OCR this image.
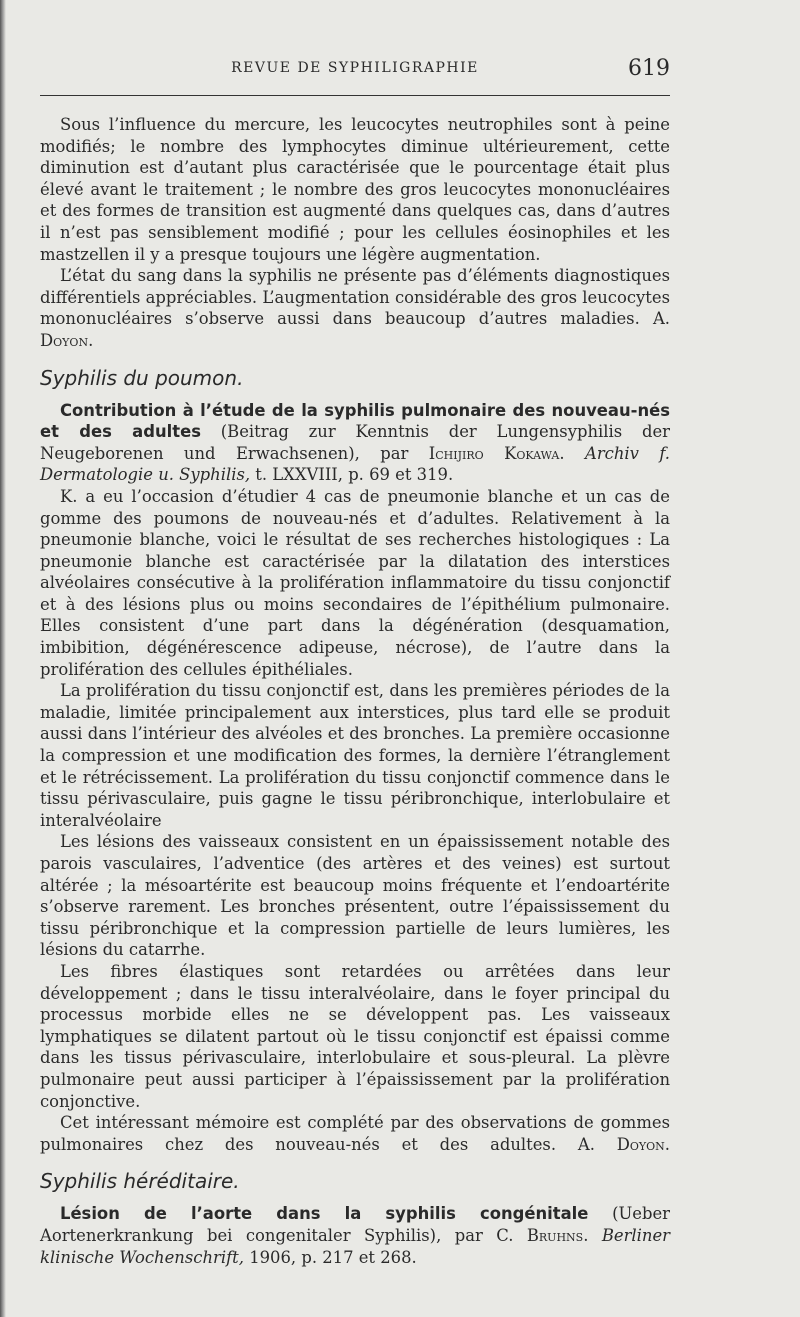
REVUE DE SYPHILIGRAPHIE	619

Sous l’influence du mercure, les leucocytes neutrophiles sont à peine modifiés; le nombre des lymphocytes diminue ultérieurement, cette diminution est d’autant plus caractérisée que le pourcentage était plus élevé avant le traitement ; le nombre des gros leucocytes mononucléaires et des formes de transition est augmenté dans quelques cas, dans d’autres il n’est pas sensiblement modifié ; pour les cellules éosinophiles et les mastzellen il y a presque toujours une légère augmentation.

L’état du sang dans la syphilis ne présente pas d’éléments diagnostiques différentiels appréciables. L’augmentation considérable des gros leucocytes mononucléaires s’observe aussi dans beaucoup d’autres maladies. A. Doyon.

Syphilis du poumon.

Contribution à l’étude de la syphilis pulmonaire des nouveau-nés et des adultes (Beitrag zur Kenntnis der Lungensyphilis der Neugeborenen und Erwachsenen), par Ichijiro Kokawa. Archiv f. Dermatologie u. Syphilis, t. LXXVIII, p. 69 et 319.

K. a eu l’occasion d’étudier 4 cas de pneumonie blanche et un cas de gomme des poumons de nouveau-nés et d’adultes. Relativement à la pneumonie blanche, voici le résultat de ses recherches histologiques : La pneumonie blanche est caractérisée par la dilatation des interstices alvéolaires consécutive à la prolifération inflammatoire du tissu conjonctif et à des lésions plus ou moins secondaires de l’épithélium pulmonaire. Elles consistent d’une part dans la dégénération (desquamation, imbibition, dégénérescence adipeuse, nécrose), de l’autre dans la prolifération des cellules épithéliales.

La prolifération du tissu conjonctif est, dans les premières périodes de la maladie, limitée principalement aux interstices, plus tard elle se produit aussi dans l’intérieur des alvéoles et des bronches. La première occasionne la compression et une modification des formes, la dernière l’étranglement et le rétrécissement. La prolifération du tissu conjonctif commence dans le tissu périvasculaire, puis gagne le tissu péribronchique, interlobulaire et interalvéolaire

Les lésions des vaisseaux consistent en un épaississement notable des parois vasculaires, l’adventice (des artères et des veines) est surtout altérée ; la mésoartérite est beaucoup moins fréquente et l’endoartérite s’observe rarement. Les bronches présentent, outre l’épaississement du tissu péribronchique et la compression partielle de leurs lumières, les lésions du catarrhe.

Les fibres élastiques sont retardées ou arrêtées dans leur développement ; dans le tissu interalvéolaire, dans le foyer principal du processus morbide elles ne se développent pas. Les vaisseaux lymphatiques se dilatent partout où le tissu conjonctif est épaissi comme dans les tissus périvasculaire, interlobulaire et sous-pleural. La plèvre pulmonaire peut aussi participer à l’épaississement par la prolifération conjonctive.

Cet intéressant mémoire est complété par des observations de gommes pulmonaires chez des nouveau-nés et des adultes. A. Doyon.

Syphilis héréditaire.

Lésion de l’aorte dans la syphilis congénitale (Ueber Aortenerkrankung bei congenitaler Syphilis), par C. Bruhns. Berliner klinische Wochenschrift, 1906, p. 217 et 268.
